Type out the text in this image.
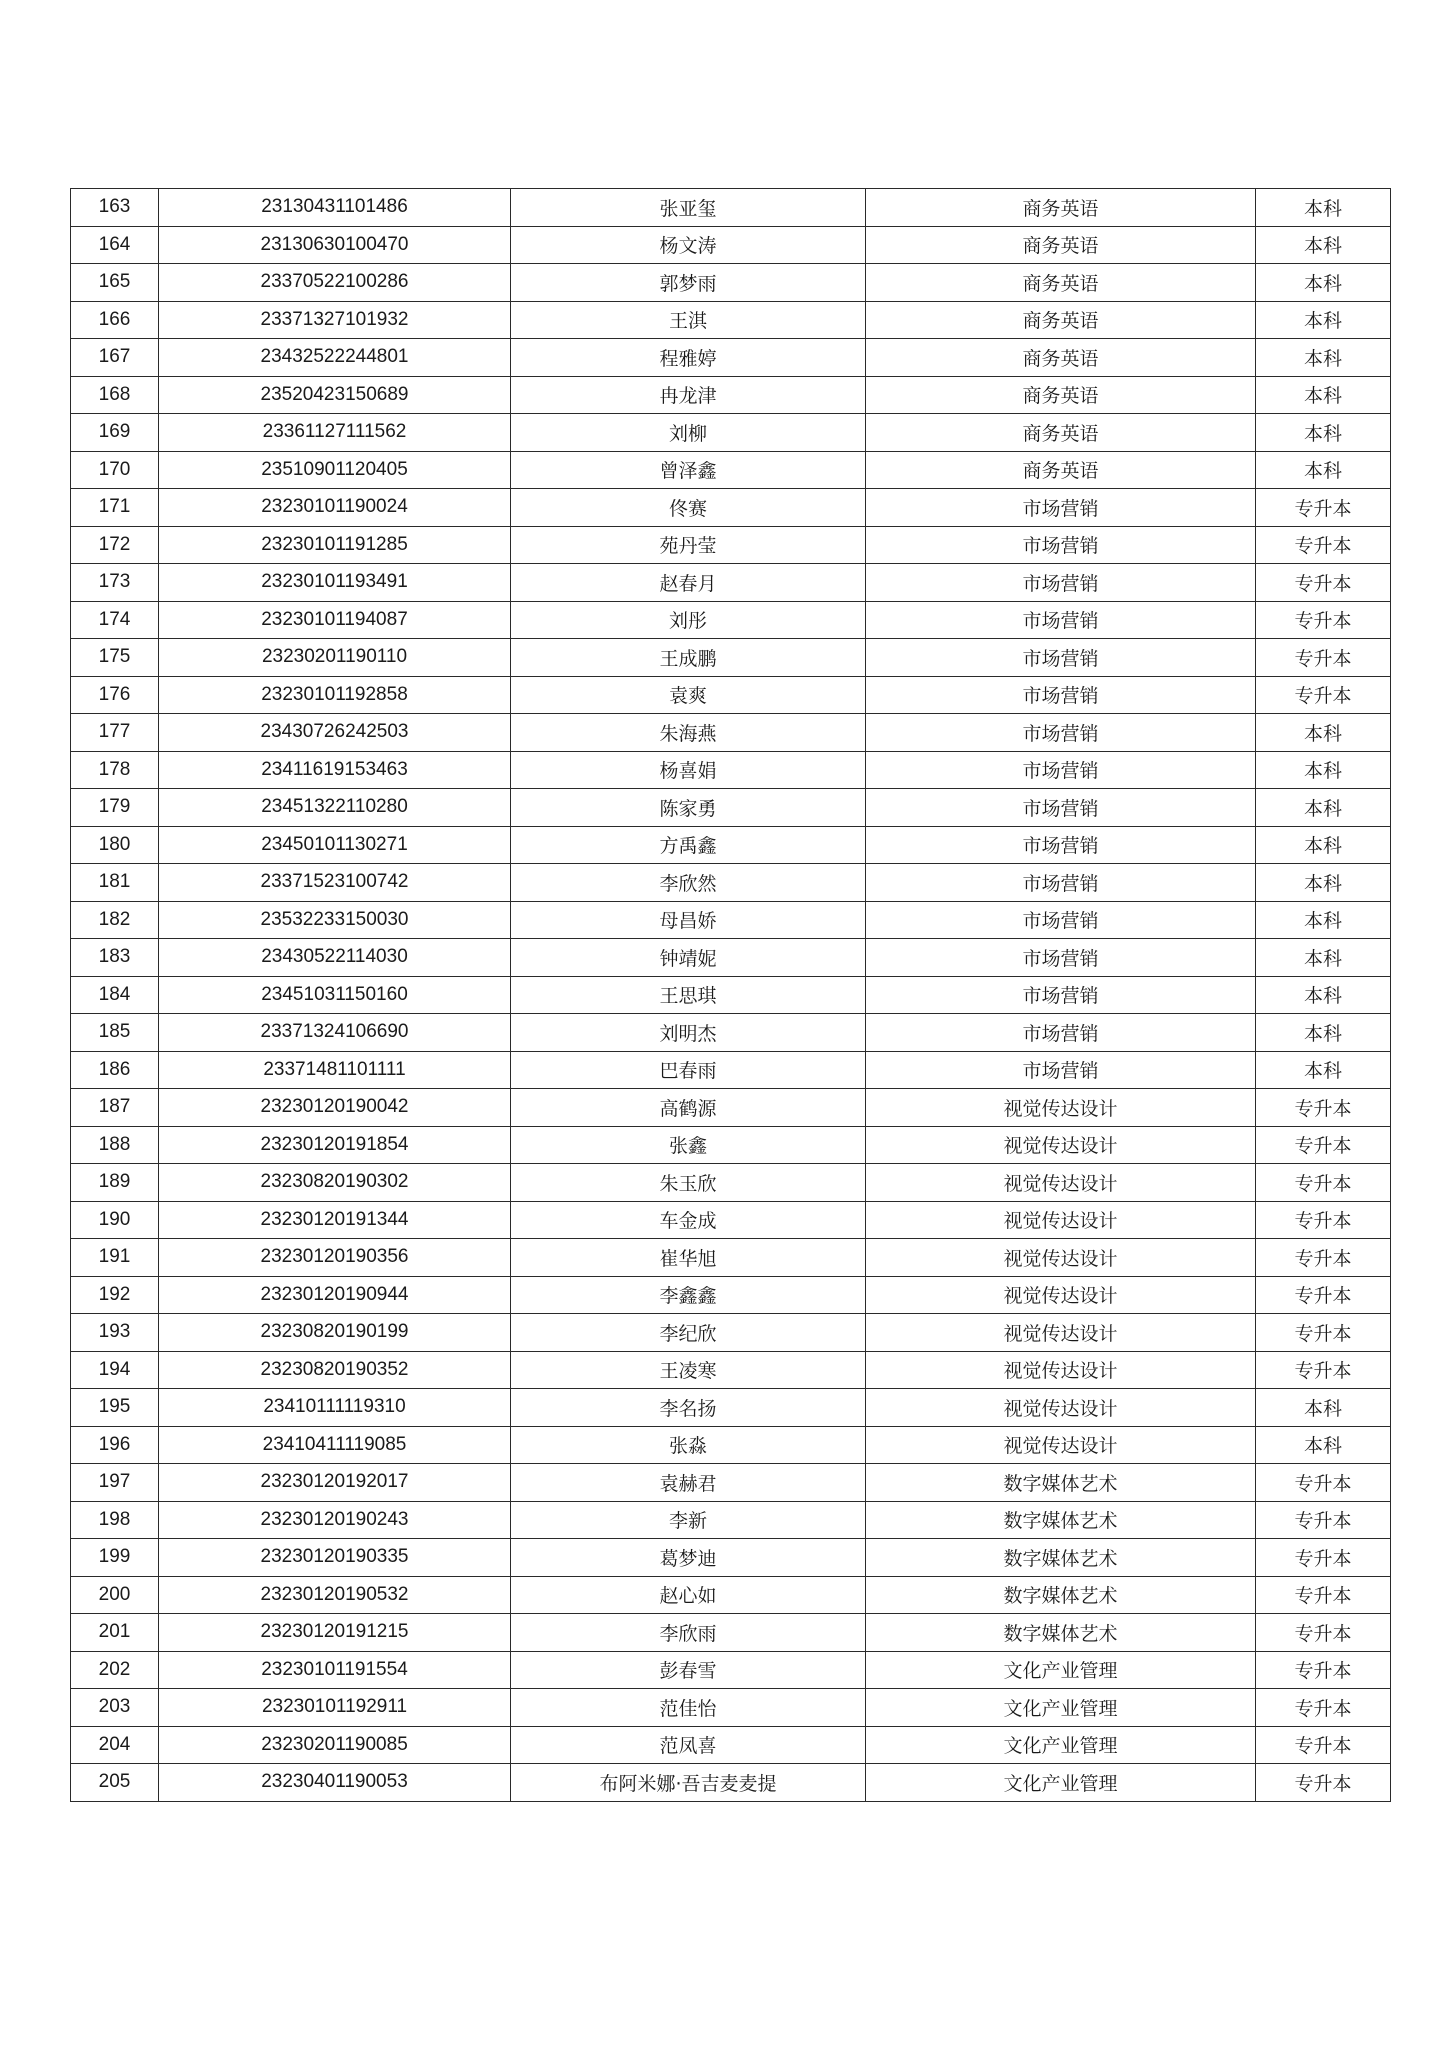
163	23130431101486	张亚玺	商务英语	本科
164	23130630100470	杨文涛	商务英语	本科
165	23370522100286	郭梦雨	商务英语	本科
166	23371327101932	王淇	商务英语	本科
167	23432522244801	程雅婷	商务英语	本科
168	23520423150689	冉龙津	商务英语	本科
169	23361127111562	刘柳	商务英语	本科
170	23510901120405	曾泽鑫	商务英语	本科
171	23230101190024	佟赛	市场营销	专升本
172	23230101191285	苑丹莹	市场营销	专升本
173	23230101193491	赵春月	市场营销	专升本
174	23230101194087	刘彤	市场营销	专升本
175	23230201190110	王成鹏	市场营销	专升本
176	23230101192858	袁爽	市场营销	专升本
177	23430726242503	朱海燕	市场营销	本科
178	23411619153463	杨喜娟	市场营销	本科
179	23451322110280	陈家勇	市场营销	本科
180	23450101130271	方禹鑫	市场营销	本科
181	23371523100742	李欣然	市场营销	本科
182	23532233150030	母昌娇	市场营销	本科
183	23430522114030	钟靖妮	市场营销	本科
184	23451031150160	王思琪	市场营销	本科
185	23371324106690	刘明杰	市场营销	本科
186	23371481101111	巴春雨	市场营销	本科
187	23230120190042	高鹤源	视觉传达设计	专升本
188	23230120191854	张鑫	视觉传达设计	专升本
189	23230820190302	朱玉欣	视觉传达设计	专升本
190	23230120191344	车金成	视觉传达设计	专升本
191	23230120190356	崔华旭	视觉传达设计	专升本
192	23230120190944	李鑫鑫	视觉传达设计	专升本
193	23230820190199	李纪欣	视觉传达设计	专升本
194	23230820190352	王凌寒	视觉传达设计	专升本
195	23410111119310	李名扬	视觉传达设计	本科
196	23410411119085	张淼	视觉传达设计	本科
197	23230120192017	袁赫君	数字媒体艺术	专升本
198	23230120190243	李新	数字媒体艺术	专升本
199	23230120190335	葛梦迪	数字媒体艺术	专升本
200	23230120190532	赵心如	数字媒体艺术	专升本
201	23230120191215	李欣雨	数字媒体艺术	专升本
202	23230101191554	彭春雪	文化产业管理	专升本
203	23230101192911	范佳怡	文化产业管理	专升本
204	23230201190085	范凤喜	文化产业管理	专升本
205	23230401190053	布阿米娜·吾吉麦麦提	文化产业管理	专升本
